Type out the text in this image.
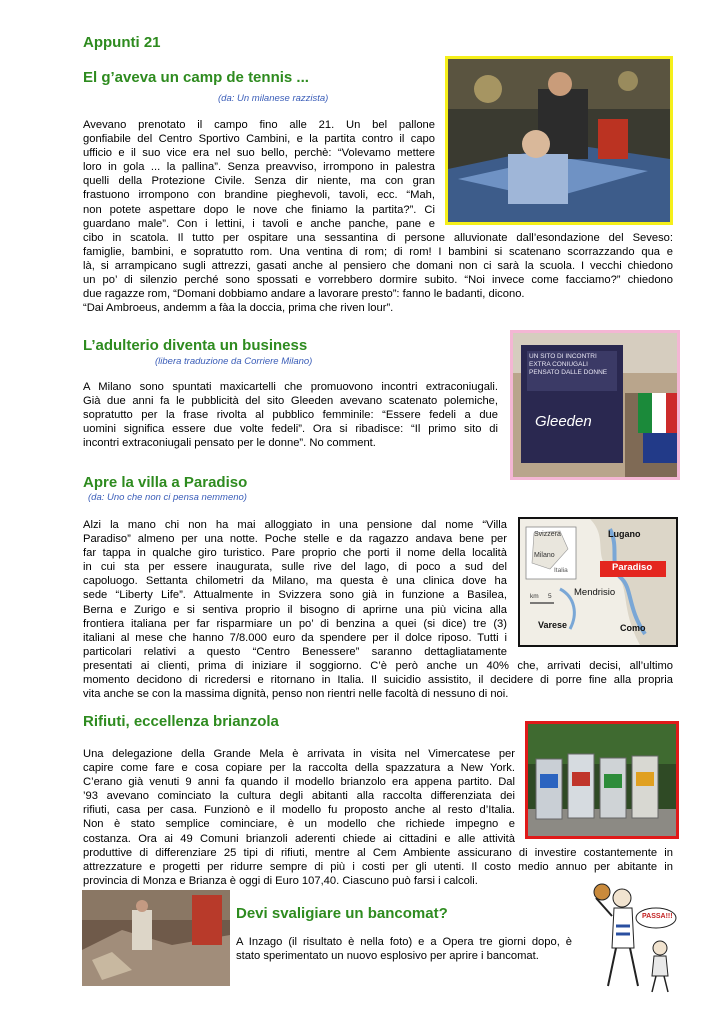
Appunti 21
El g’aveva un camp de tennis ...
(da: Un milanese razzista)
Avevano prenotato il campo fino alle 21. Un bel pallone
gonfiabile del Centro Sportivo Cambini, e la partita contro il capo
ufficio e il suo vice era nel suo bello, perchè: “Volevamo mettere
loro in gola ... la pallina”. Senza preavviso, irrompono in palestra
quelli della Protezione Civile. Senza dir niente, ma con gran
frastuono irrompono con brandine pieghevoli, tavoli, ecc. “Mah,
non potete aspettare dopo le nove che finiamo la partita?”. Ci
guardano male”. Con i lettini, i tavoli e anche panche, pane e
cibo in scatola. Il tutto per ospitare una sessantina di persone alluvionate dall’esondazione del Seveso:
famiglie, bambini, e sopratutto rom. Una ventina di rom; di rom! I bambini si scatenano scorrazzando qua e
là, si arrampicano sugli attrezzi, gasati anche al pensiero che domani non ci sarà la scuola. I vecchi chiedono
un po’ di silenzio perché sono spossati e vorrebbero dormire subito. “Noi invece come facciamo?” chiedono
due ragazze rom, “Domani dobbiamo andare a lavorare presto”: fanno le badanti, dicono.
“Dai Ambroeus, andemm a fàa la doccia, prima che riven lour”.
L’adulterio diventa un business
(libera traduzione da Corriere Milano)
A Milano sono spuntati maxicartelli che promuovono incontri extraconiugali.
Già due anni fa le pubblicità del sito Gleeden avevano scatenato polemiche,
sopratutto per la frase rivolta al pubblico femminile: “Essere fedeli a due
uomini significa essere due volte fedeli”. Ora si ribadisce: “Il primo sito di
incontri extraconiugali pensato per le donne”. No comment.
UN SITO DI INCONTRI
EXTRA CONIUGALI
PENSATO DALLE DONNE
Gleeden
Apre la villa a Paradiso
(da: Uno che non ci pensa nemmeno)
Alzi la mano chi non ha mai alloggiato in una pensione dal nome “Villa
Paradiso” almeno per una notte. Poche stelle e da ragazzo andava bene per
far tappa in qualche giro turistico. Pare proprio che porti il nome della località
in cui sta per essere inaugurata, sulle rive del lago, di poco a sud del
capoluogo. Settanta chilometri da Milano, ma questa è una clinica dove ha
sede “Liberty Life”. Attualmente in Svizzera sono già in funzione a Basilea,
Berna e Zurigo e si sentiva proprio il bisogno di aprirne una più vicina alla
frontiera italiana per far risparmiare un po’ di benzina a quei (si dice) tre (3)
italiani al mese che hanno 7/8.000 euro da spendere per il dolce riposo. Tutti i
particolari relativi a questo “Centro Benessere” saranno dettagliatamente
presentati ai clienti, prima di iniziare il soggiorno. C’è però anche un 40% che, arrivati decisi, all’ultimo
momento decidono di ricredersi e ritornano in Italia. Il suicidio assistito, il decidere di porre fine alla propria
vita anche se con la massima dignità, penso non rientri nelle facoltà di nessuno di noi.
Svizzera	Lugano
Milano
Italia	Paradiso
Mendrisio
km 5
Varese	Como
Rifiuti, eccellenza brianzola
Una delegazione della Grande Mela è arrivata in visita nel Vimercatese per
capire come fare e cosa copiare per la raccolta della spazzatura a New York.
C’erano già venuti 9 anni fa quando il modello brianzolo era appena partito. Dal
’93 avevano cominciato la cultura degli abitanti alla raccolta differenziata dei
rifiuti, casa per casa. Funzionò e il modello fu proposto anche al resto d’Italia.
Non è stato semplice cominciare, è un modello che richiede impegno e
costanza. Ora ai 49 Comuni brianzoli aderenti chiede ai cittadini e alle attività
produttive di differenziare 25 tipi di rifiuti, mentre al Cem Ambiente assicurano di investire costantemente in
attrezzature e progetti per ridurre sempre di più i costi per gli utenti. Il costo medio annuo per abitante in
provincia di Monza e Brianza è oggi di Euro 107,40. Ciascuno può farsi i calcoli.
Devi svaligiare un bancomat?
A Inzago (il risultato è nella foto) e a Opera tre giorni dopo, è
stato sperimentato un nuovo esplosivo per aprire i bancomat.
PASSA!!!
